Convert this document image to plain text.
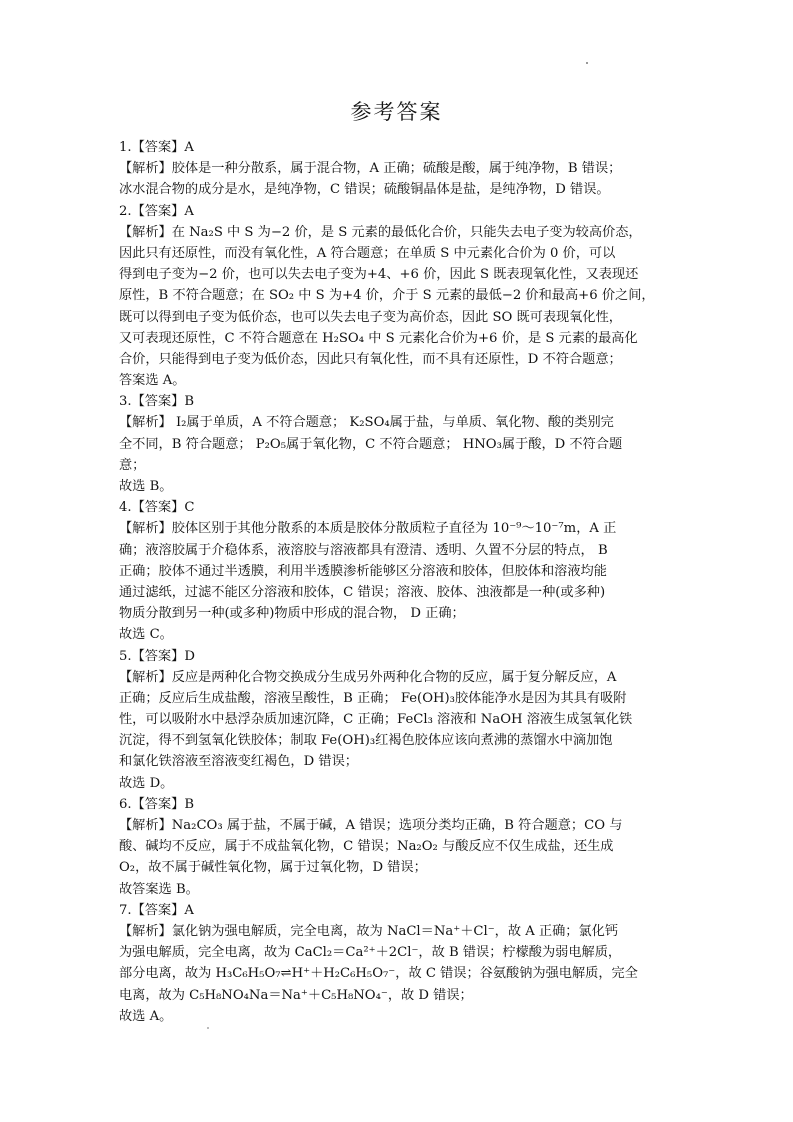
参考答案
1.【答案】A
【解析】胶体是一种分散系，属于混合物，A 正确；硫酸是酸，属于纯净物，B 错误；
冰水混合物的成分是水，是纯净物，C 错误；硫酸铜晶体是盐，是纯净物，D 错误。
2.【答案】A
【解析】在 Na₂S 中 S 为−2 价，是 S 元素的最低化合价，只能失去电子变为较高价态，
因此只有还原性，而没有氧化性，A 符合题意；在单质 S 中元素化合价为 0 价，可以
得到电子变为−2 价，也可以失去电子变为+4、+6 价，因此 S 既表现氧化性，又表现还
原性，B 不符合题意；在 SO₂ 中 S 为+4 价，介于 S 元素的最低−2 价和最高+6 价之间，
既可以得到电子变为低价态，也可以失去电子变为高价态，因此 SO 既可表现氧化性，
又可表现还原性，C 不符合题意在 H₂SO₄ 中 S 元素化合价为+6 价，是 S 元素的最高化
合价，只能得到电子变为低价态，因此只有氧化性，而不具有还原性，D 不符合题意；
答案选 A。
3.【答案】B
【解析】 I₂属于单质，A 不符合题意； K₂SO₄属于盐，与单质、氧化物、酸的类别完
全不同，B 符合题意； P₂O₅属于氧化物，C 不符合题意； HNO₃属于酸，D 不符合题
意；
故选 B。
4.【答案】C
【解析】胶体区别于其他分散系的本质是胶体分散质粒子直径为 10⁻⁹～10⁻⁷m，A 正
确；液溶胶属于介稳体系，液溶胶与溶液都具有澄清、透明、久置不分层的特点， B
正确；胶体不通过半透膜，利用半透膜渗析能够区分溶液和胶体，但胶体和溶液均能
通过滤纸，过滤不能区分溶液和胶体，C 错误；溶液、胶体、浊液都是一种(或多种)
物质分散到另一种(或多种)物质中形成的混合物， D 正确；
故选 C。
5.【答案】D
【解析】反应是两种化合物交换成分生成另外两种化合物的反应，属于复分解反应，A
正确；反应后生成盐酸，溶液呈酸性，B 正确； Fe(OH)₃胶体能净水是因为其具有吸附
性，可以吸附水中悬浮杂质加速沉降，C 正确；FeCl₃ 溶液和 NaOH 溶液生成氢氧化铁
沉淀，得不到氢氧化铁胶体；制取 Fe(OH)₃红褐色胶体应该向煮沸的蒸馏水中滴加饱
和氯化铁溶液至溶液变红褐色，D 错误；
故选 D。
6.【答案】B
【解析】Na₂CO₃ 属于盐，不属于碱，A 错误；选项分类均正确，B 符合题意；CO 与
酸、碱均不反应，属于不成盐氧化物，C 错误；Na₂O₂ 与酸反应不仅生成盐，还生成
O₂，故不属于碱性氧化物，属于过氧化物，D 错误；
故答案选 B。
7.【答案】A
【解析】氯化钠为强电解质，完全电离，故为 NaCl＝Na⁺＋Cl⁻，故 A 正确；氯化钙
为强电解质，完全电离，故为 CaCl₂＝Ca²⁺＋2Cl⁻，故 B 错误；柠檬酸为弱电解质，
部分电离，故为 H₃C₆H₅O₇⇌H⁺＋H₂C₆H₅O₇⁻，故 C 错误；谷氨酸钠为强电解质，完全
电离，故为 C₅H₈NO₄Na＝Na⁺＋C₅H₈NO₄⁻，故 D 错误；
故选 A。
